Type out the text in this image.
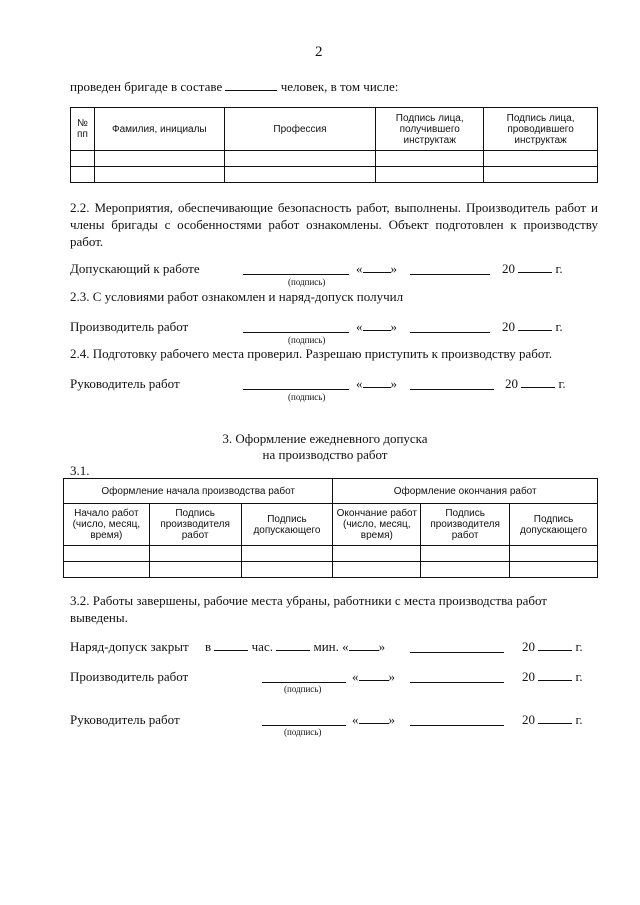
2
проведен бригаде в составе	человек, в том числе:
№ пп	Фамилия, инициалы	Профессия	Подпись лица, получившего инструктаж	Подпись лица, проводившего инструктаж

2.2. Мероприятия, обеспечивающие безопасность работ, выполнены. Производитель работ и члены бригады с особенностями работ ознакомлены. Объект подготовлен к производству работ.
Допускающий к работе	« »	20	г.
(подпись)
2.3. С условиями работ ознакомлен и наряд-допуск получил
Производитель работ	« »	20	г.
(подпись)
2.4. Подготовку рабочего места проверил. Разрешаю приступить к производству работ.
Руководитель работ	« »	20	г.
(подпись)
3. Оформление ежедневного допуска
на производство работ
3.1.
Оформление начала производства работ			Оформление окончания работ		
Начало работ (число, месяц, время)	Подпись производителя работ	Подпись допускающего	Окончание работ (число, месяц, время)	Подпись производителя работ	Подпись допускающего

3.2. Работы завершены, рабочие места убраны, работники с места производства работ выведены.
Наряд-допуск закрыт в	час.	мин. « »	20	г.
Производитель работ	« »	20	г.
(подпись)
Руководитель работ	« »	20	г.
(подпись)
